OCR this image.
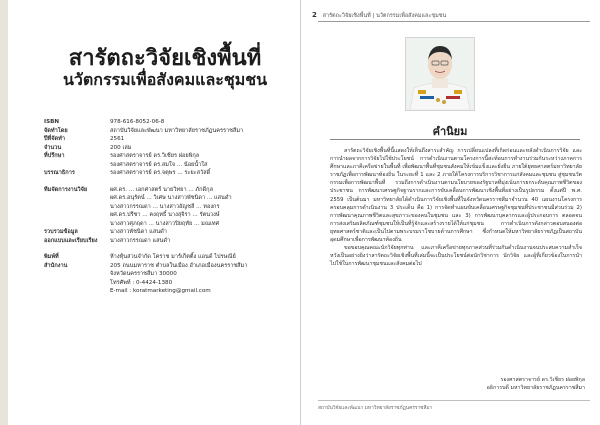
สารัตถะวิจัยเชิงพื้นที่
นวัตกรรมเพื่อสังคมและชุมชน
ISBN	978-616-8052-06-8
จัดทำโดย	สถาบันวิจัยและพัฒนา มหาวิทยาลัยราชภัฏนครราชสีมา
ปีที่จัดทำ	2561
จำนวน	200 เล่ม
ที่ปรึกษา	รองศาสตราจารย์ ดร.วิเชียร ฝอยพิกุล
รองศาสตราจารย์ ดร.สมใจ ... น้อยน้ำใส
บรรณาธิการ	รองศาสตราจารย์ ดร.จตุพร ... ระยะสวัสดิ์
ทีมจัดการงานวิจัย	ผศ.ดร. ... เอกศาสตร์ นายวิทยา ... ภักดีกุล
ผศ.ดร.อนุรัตน์ ... วิเศษ นางสาวพัชนิดา ... แสนดำ
นางสาวกรรณดา ... นางสาวอัญชลี ... ทองกร
ผศ.ดร.ปรีชา ... คงฤทธิ์ นางสุจิรา ... รัตนวงษ์
นางสาวศุภฤดา ... นางสาวปิยฤทัย ... มณเทศ
รวบรวมข้อมูล	นางสาวพัชนิดา แสนดำ
ออกแบบและเรียบเรียง	นางสาวกรรณดา แสนดำ
พิมพ์ที่	ห้างหุ้นส่วนจำกัด โคราช มาร์เก็ตติ้ง แอนด์ ไปรษณีย์
สำนักงาน	205 ถนนมหาราช ตำบลในเมือง อำเภอเมืองนครราชสีมา
จังหวัดนครราชสีมา 30000
โทรศัพท์ : 0-4424-1380
E-mail : koratmarketing@gmail.com
2 สารัตถะวิจัยเชิงพื้นที่ | นวัตกรรมเพื่อสังคมและชุมชน
คำนิยม

สารัตถะวิจัยเชิงพื้นที่นี้แสดงให้เห็นถึงสาระสำคัญ การเปลี่ยนแปลงที่เกิดก่อนและหลังดำเนินการวิจัย และการนำผลจากการวิจัยไปใช้ประโยชน์ การดำเนินงานตามโครงการนี้สะท้อนการทำงานร่วมกันระหว่างภาคการศึกษาและภาคีเครือข่ายในพื้นที่ เพื่อพัฒนาพื้นที่ชุมชนสังคมให้เข้มแข็งและยั่งยืน ภายใต้ยุทธศาสตร์มหาวิทยาลัยราชภัฏเพื่อการพัฒนาท้องถิ่น ในระยะที่ 1 และ 2 ภายใต้โครงการบริการวิชาการแก่สังคมและชุมชน สู่ชุมชนวัตกรรมเพื่อการพัฒนาพื้นที่ รวมถึงการดำเนินงานตามนโยบายของรัฐบาลที่มุ่งเน้นการยกระดับคุณภาพชีวิตของประชาชน การพัฒนาเศรษฐกิจฐานรากและการขับเคลื่อนการพัฒนาเชิงพื้นที่อย่างเป็นรูปธรรม ตั้งแต่ปี พ.ศ. 2559 เป็นต้นมา มหาวิทยาลัยได้ดำเนินการวิจัยเชิงพื้นที่ในจังหวัดนครราชสีมาจำนวน 40 แผนงานโครงการ ครอบคลุมการดำเนินงาน 3 ประเด็น คือ 1) การจัดทำแผนขับเคลื่อนเศรษฐกิจชุมชนที่ประชาชนมีส่วนร่วม 2) การพัฒนาคุณภาพชีวิตและสุขภาวะของคนในชุมชน และ 3) การพัฒนาบุคลากรและผู้ประกอบการ ตลอดจนการส่งเสริมผลิตภัณฑ์ชุมชนให้เป็นที่รู้จักและสร้างรายได้ให้แก่ชุมชน การดำเนินการดังกล่าวตอบสนองต่อยุทธศาสตร์ชาติและเป็นไปตามพระบรมราโชบายด้านการศึกษา ซึ่งกำหนดให้มหาวิทยาลัยราชภัฏเป็นสถาบันอุดมศึกษาเพื่อการพัฒนาท้องถิ่น

ขอขอบคุณคณะนักวิจัยทุกท่าน และภาคีเครือข่ายทุกภาคส่วนที่ร่วมกันดำเนินงานจนประสบความสำเร็จ หวังเป็นอย่างยิ่งว่าสารัตถะวิจัยเชิงพื้นที่เล่มนี้จะเป็นประโยชน์ต่อนักวิชาการ นักวิจัย และผู้ที่เกี่ยวข้องในการนำไปใช้ในการพัฒนาชุมชนและสังคมต่อไป

รองศาสตราจารย์ ดร.วิเชียร ฝอยพิกุล
อธิการบดี มหาวิทยาลัยราชภัฏนครราชสีมา
สถาบันวิจัยและพัฒนา มหาวิทยาลัยราชภัฏนครราชสีมา
